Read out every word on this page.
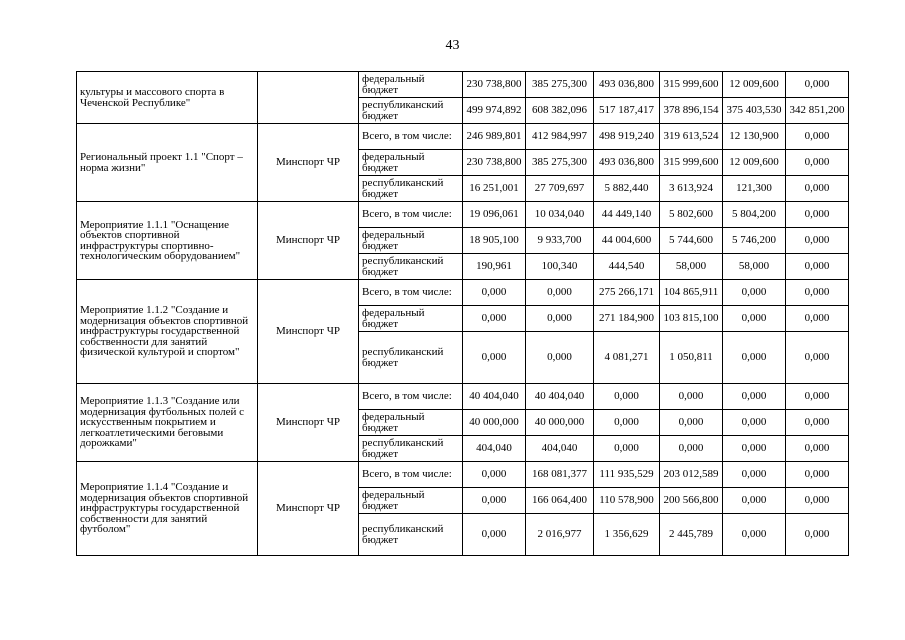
43
культуры и массового спорта в Чеченской Республике"		федеральный бюджет	230 738,800	385 275,300	493 036,800	315 999,600	12 009,600	0,000
		республиканский бюджет	499 974,892	608 382,096	517 187,417	378 896,154	375 403,530	342 851,200
Региональный проект 1.1 "Спорт – норма жизни"	Минспорт ЧР	Всего, в том числе:	246 989,801	412 984,997	498 919,240	319 613,524	12 130,900	0,000
		федеральный бюджет	230 738,800	385 275,300	493 036,800	315 999,600	12 009,600	0,000
		республиканский бюджет	16 251,001	27 709,697	5 882,440	3 613,924	121,300	0,000
Мероприятие 1.1.1 "Оснащение объектов спортивной инфраструктуры спортивно-технологическим оборудованием"	Минспорт ЧР	Всего, в том числе:	19 096,061	10 034,040	44 449,140	5 802,600	5 804,200	0,000
		федеральный бюджет	18 905,100	9 933,700	44 004,600	5 744,600	5 746,200	0,000
		республиканский бюджет	190,961	100,340	444,540	58,000	58,000	0,000
Мероприятие 1.1.2 "Создание и модернизация объектов спортивной инфраструктуры государственной собственности для занятий физической культурой и спортом"	Минспорт ЧР	Всего, в том числе:	0,000	0,000	275 266,171	104 865,911	0,000	0,000
		федеральный бюджет	0,000	0,000	271 184,900	103 815,100	0,000	0,000
		республиканский бюджет	0,000	0,000	4 081,271	1 050,811	0,000	0,000
Мероприятие 1.1.3 "Создание или модернизация футбольных полей с искусственным покрытием и легкоатлетическими беговыми дорожками"	Минспорт ЧР	Всего, в том числе:	40 404,040	40 404,040	0,000	0,000	0,000	0,000
		федеральный бюджет	40 000,000	40 000,000	0,000	0,000	0,000	0,000
		республиканский бюджет	404,040	404,040	0,000	0,000	0,000	0,000
Мероприятие 1.1.4 "Создание и модернизация объектов спортивной инфраструктуры государственной собственности для занятий футболом"	Минспорт ЧР	Всего, в том числе:	0,000	168 081,377	111 935,529	203 012,589	0,000	0,000
		федеральный бюджет	0,000	166 064,400	110 578,900	200 566,800	0,000	0,000
		республиканский бюджет	0,000	2 016,977	1 356,629	2 445,789	0,000	0,000
